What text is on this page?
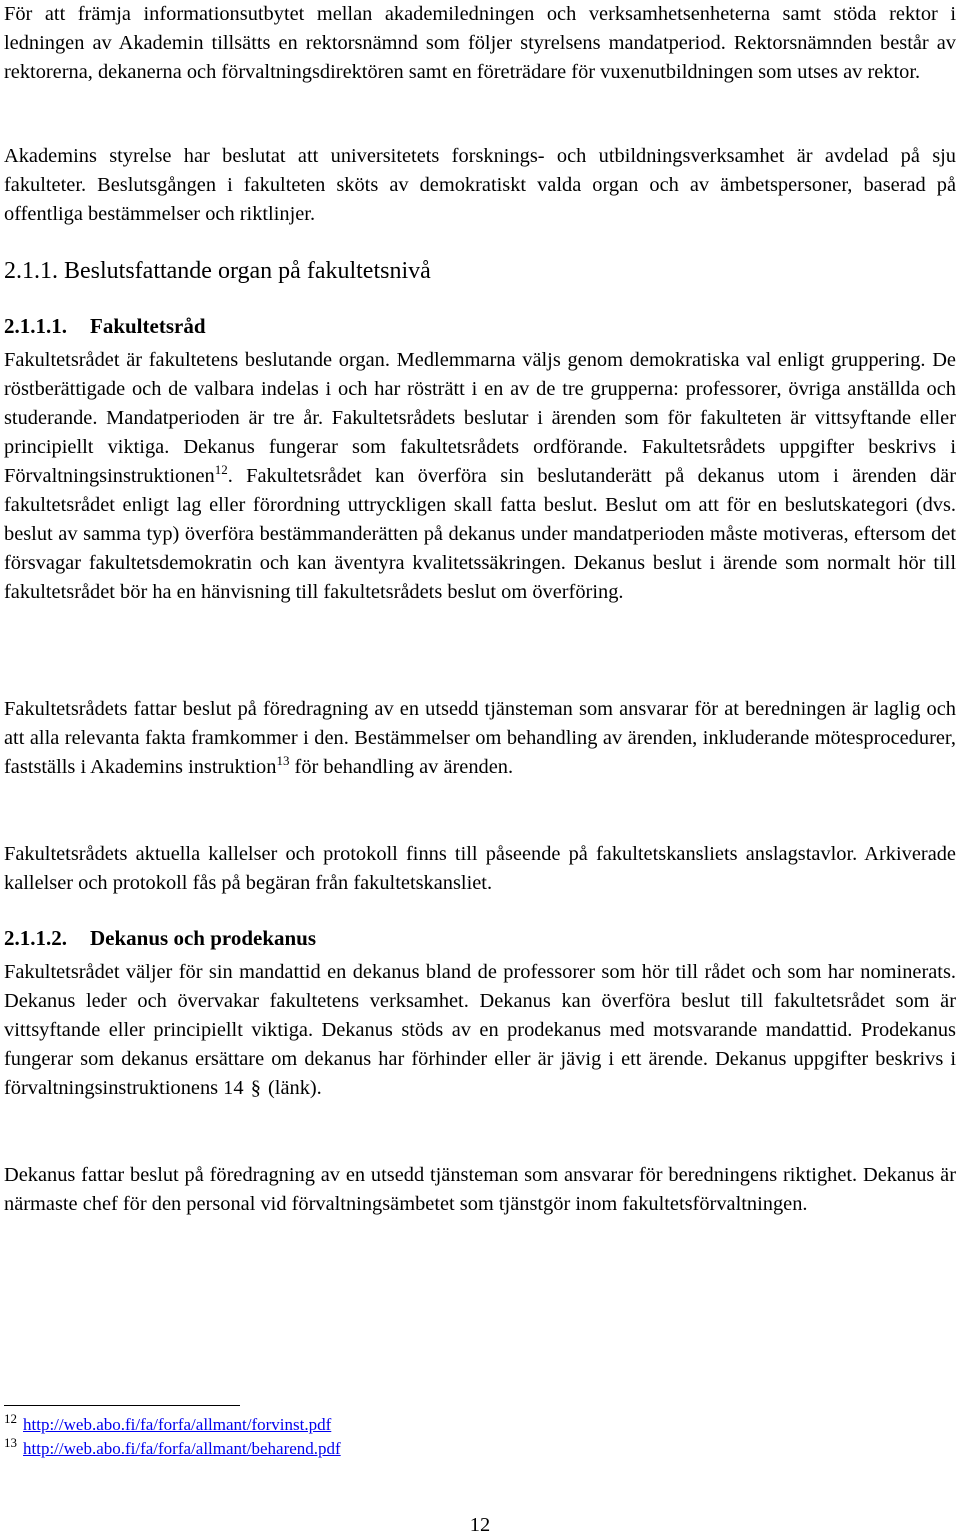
För att främja informationsutbytet mellan akademiledningen och verksamhetsenheterna samt stöda rektor i ledningen av Akademin tillsätts en rektorsnämnd som följer styrelsens mandatperiod. Rektorsnämnden består av rektorerna, dekanerna och förvaltningsdirektören samt en företrädare för vuxenutbildningen som utses av rektor.

Akademins styrelse har beslutat att universitetets forsknings- och utbildningsverksamhet är avdelad på sju fakulteter. Beslutsgången i fakulteten sköts av demokratiskt valda organ och av ämbetspersoner, baserad på offentliga bestämmelser och riktlinjer.

2.1.1. Beslutsfattande organ på fakultetsnivå
2.1.1.1. Fakultetsråd

Fakultetsrådet är fakultetens beslutande organ. Medlemmarna väljs genom demokratiska val enligt gruppering. De röstberättigade och de valbara indelas i och har rösträtt i en av de tre grupperna: professorer, övriga anställda och studerande. Mandatperioden är tre år. Fakultetsrådets beslutar i ärenden som för fakulteten är vittsyftande eller principiellt viktiga. Dekanus fungerar som fakultetsrådets ordförande. Fakultetsrådets uppgifter beskrivs i Förvaltningsinstruktionen$^{12}$. Fakultetsrådet kan överföra sin beslutanderätt på dekanus utom i ärenden där fakultetsrådet enligt lag eller förordning uttryckligen skall fatta beslut. Beslut om att för en beslutskategori (dvs. beslut av samma typ) överföra bestämmanderätten på dekanus under mandatperioden måste motiveras, eftersom det försvagar fakultetsdemokratin och kan äventyra kvalitetssäkringen. Dekanus beslut i ärende som normalt hör till fakultetsrådet bör ha en hänvisning till fakultetsrådets beslut om överföring.

Fakultetsrådets fattar beslut på föredragning av en utsedd tjänsteman som ansvarar för at beredningen är laglig och att alla relevanta fakta framkommer i den. Bestämmelser om behandling av ärenden, inkluderande mötesprocedurer, fastställs i Akademins instruktion$^{13}$ för behandling av ärenden.

Fakultetsrådets aktuella kallelser och protokoll finns till påseende på fakultetskansliets anslagstavlor. Arkiverade kallelser och protokoll fås på begäran från fakultetskansliet.

2.1.1.2. Dekanus och prodekanus

Fakultetsrådet väljer för sin mandattid en dekanus bland de professorer som hör till rådet och som har nominerats. Dekanus leder och övervakar fakultetens verksamhet. Dekanus kan överföra beslut till fakultetsrådet som är vittsyftande eller principiellt viktiga. Dekanus stöds av en prodekanus med motsvarande mandattid. Prodekanus fungerar som dekanus ersättare om dekanus har förhinder eller är jävig i ett ärende. Dekanus uppgifter beskrivs i förvaltningsinstruktionens 14 § (länk).

Dekanus fattar beslut på föredragning av en utsedd tjänsteman som ansvarar för beredningens riktighet. Dekanus är närmaste chef för den personal vid förvaltningsämbetet som tjänstgör inom fakultetsförvaltningen.

$^{12}$ http://web.abo.fi/fa/forfa/allmant/forvinst.pdf

$^{13}$ http://web.abo.fi/fa/forfa/allmant/beharend.pdf

12
